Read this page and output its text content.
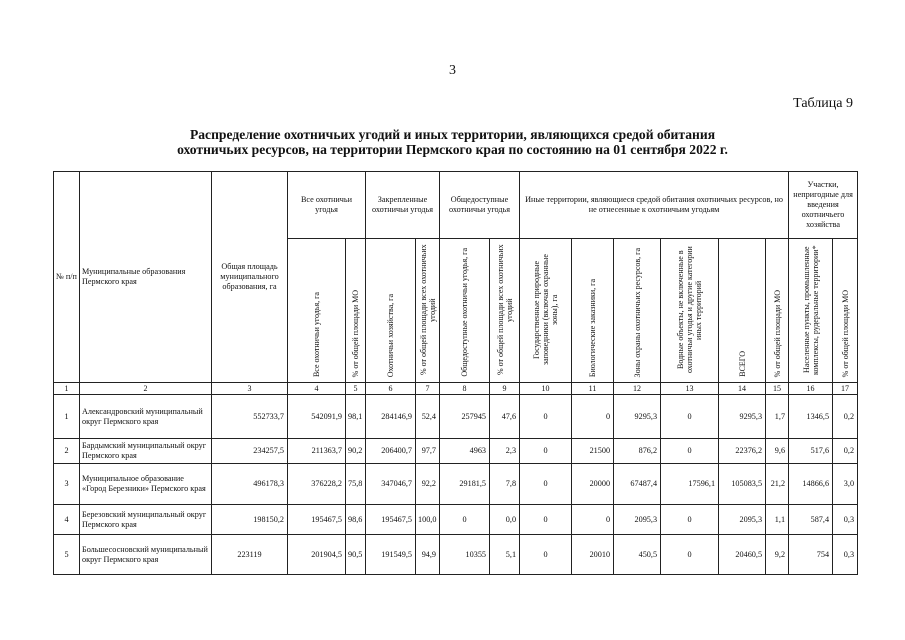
3
Таблица 9
Распределение охотничьих угодий и иных территории, являющихся средой обитания
охотничьих ресурсов, на территории Пермского края по состоянию на 01 сентября 2022 г.
№ п/п	Муниципальные образования Пермского края	Общая площадь муниципального образования, га	Все охотничьи угодья		Закрепленные охотничьи угодья		Общедоступные охотничьи угодья		Иные территории, являющиеся средой обитания охотничьих ресурсов, но не отнесенные к охотничьим угодьям						Участки, непригодные для введения охотничьего хозяйства	
			Все охотничьи угодья, га	% от общей площади МО	Охотничьи хозяйства, га	% от общей площади всех охотничьих угодий	Общедоступные охотничьи угодья, га	% от общей площади всех охотничьих угодий	Государственные природные заповедники (включая охранные зоны), га	Биологические заказники, га	Зоны охраны охотничьих ресурсов, га	Водные объекты, не включенные в охотничьи угодья и другие категории иных территорий	ВСЕГО	% от общей площади МО	Населенные пункты, промышленные комплексы, рудеральные территории*	% от общей площади МО
1	2	3	4	5	6	7	8	9	10	11	12	13	14	15	16	17
1	Александровский муниципальный округ Пермского края	552733,7	542091,9	98,1	284146,9	52,4	257945	47,6	0	0	9295,3	0	9295,3	1,7	1346,5	0,2
2	Бардымский муниципальный округ Пермского края	234257,5	211363,7	90,2	206400,7	97,7	4963	2,3	0	21500	876,2	0	22376,2	9,6	517,6	0,2
3	Муниципальное образование «Город Березники» Пермского края	496178,3	376228,2	75,8	347046,7	92,2	29181,5	7,8	0	20000	67487,4	17596,1	105083,5	21,2	14866,6	3,0
4	Березовский муниципальный округ Пермского края	198150,2	195467,5	98,6	195467,5	100,0	0	0,0	0	0	2095,3	0	2095,3	1,1	587,4	0,3
5	Большесосновский муниципальный округ Пермского края	223119	201904,5	90,5	191549,5	94,9	10355	5,1	0	20010	450,5	0	20460,5	9,2	754	0,3
